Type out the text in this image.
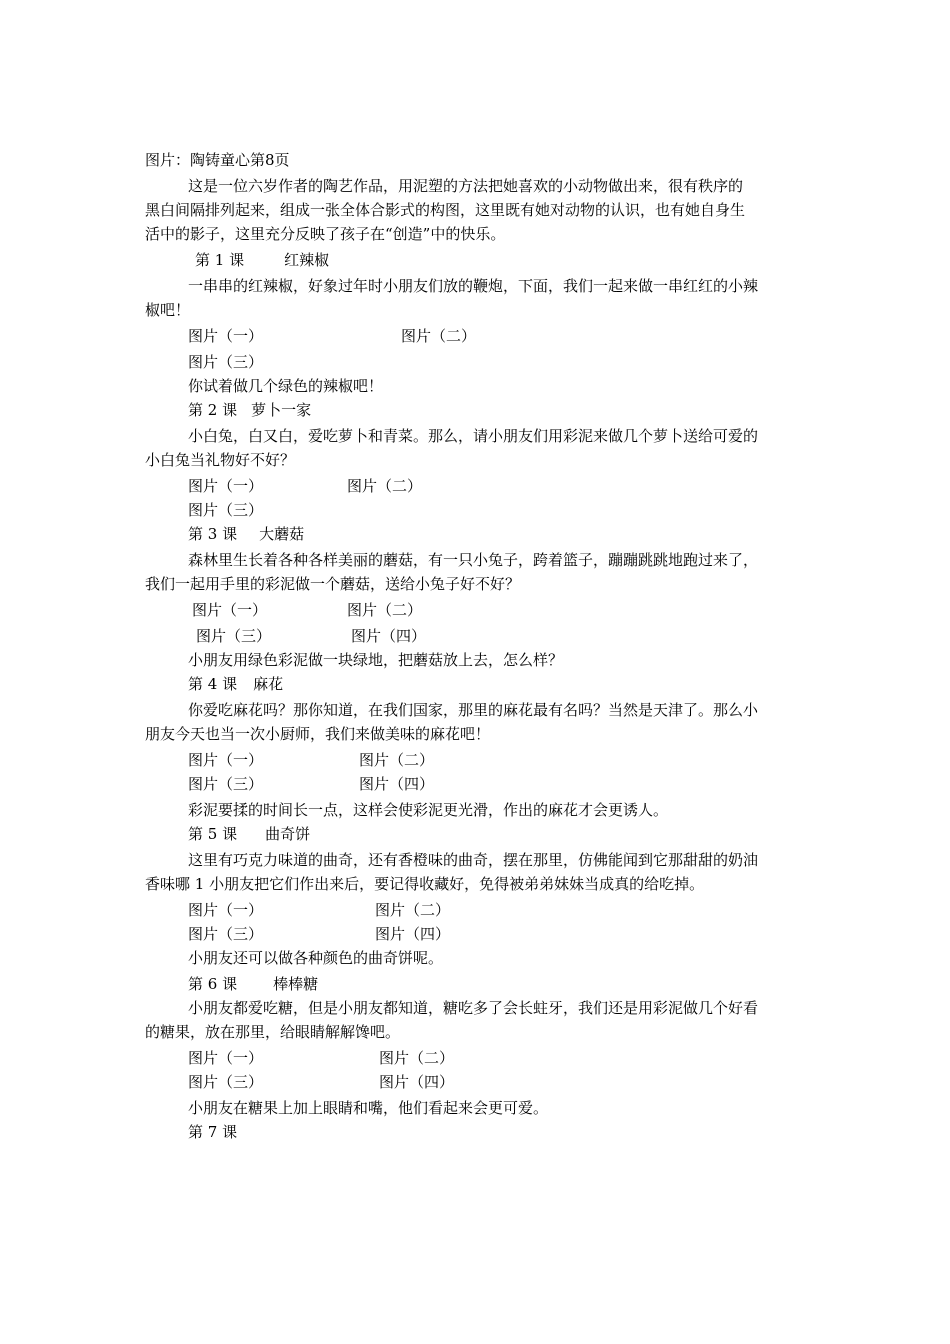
图片：陶铸童心第8页
这是一位六岁作者的陶艺作品，用泥塑的方法把她喜欢的小动物做出来，很有秩序的
黑白间隔排列起来，组成一张全体合影式的构图，这里既有她对动物的认识，也有她自身生
活中的影子，这里充分反映了孩子在“创造”中的快乐。
第 1 课	红辣椒
一串串的红辣椒，好象过年时小朋友们放的鞭炮，下面，我们一起来做一串红红的小辣
椒吧！
图片（一）	图片（二）
图片（三）
你试着做几个绿色的辣椒吧！
第 2 课 萝卜一家
小白兔，白又白，爱吃萝卜和青菜。那么，请小朋友们用彩泥来做几个萝卜送给可爱的
小白兔当礼物好不好？
图片（一）	图片（二）
图片（三）
第 3 课 大蘑菇
森林里生长着各种各样美丽的蘑菇，有一只小兔子，跨着篮子，蹦蹦跳跳地跑过来了，
我们一起用手里的彩泥做一个蘑菇，送给小兔子好不好？
图片（一）	图片（二）
图片（三）	图片（四）
小朋友用绿色彩泥做一块绿地，把蘑菇放上去，怎么样？
第 4 课 麻花
你爱吃麻花吗？那你知道，在我们国家，那里的麻花最有名吗？当然是天津了。那么小
朋友今天也当一次小厨师，我们来做美味的麻花吧！
图片（一）	图片（二）
图片（三）	图片（四）
彩泥要揉的时间长一点，这样会使彩泥更光滑，作出的麻花才会更诱人。
第 5 课 曲奇饼
这里有巧克力味道的曲奇，还有香橙味的曲奇，摆在那里，仿佛能闻到它那甜甜的奶油
香味哪 1 小朋友把它们作出来后，要记得收藏好，免得被弟弟妹妹当成真的给吃掉。
图片（一）	图片（二）
图片（三）	图片（四）
小朋友还可以做各种颜色的曲奇饼呢。
第 6 课 棒棒糖
小朋友都爱吃糖，但是小朋友都知道，糖吃多了会长蛀牙，我们还是用彩泥做几个好看
的糖果，放在那里，给眼睛解解馋吧。
图片（一）	图片（二）
图片（三）	图片（四）
小朋友在糖果上加上眼睛和嘴，他们看起来会更可爱。
第 7 课
